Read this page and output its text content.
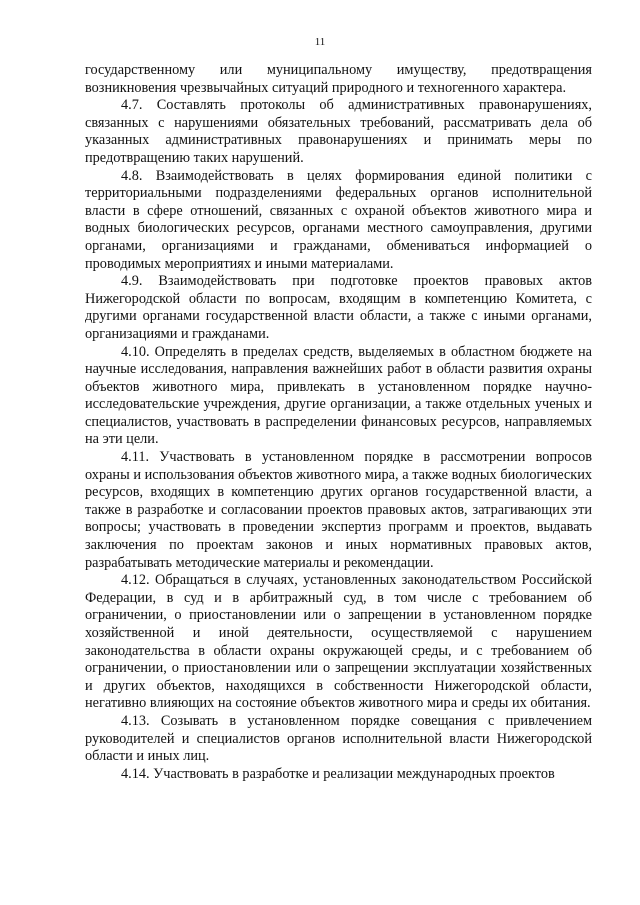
11

государственному или муниципальному имуществу, предотвращения возникновения чрезвычайных ситуаций природного и техногенного характера.

4.7. Составлять протоколы об административных правонарушениях, связанных с нарушениями обязательных требований, рассматривать дела об указанных административных правонарушениях и принимать меры по предотвращению таких нарушений.

4.8. Взаимодействовать в целях формирования единой политики с территориальными подразделениями федеральных органов исполнительной власти в сфере отношений, связанных с охраной объектов животного мира и водных биологических ресурсов, органами местного самоуправления, другими органами, организациями и гражданами, обмениваться информацией о проводимых мероприятиях и иными материалами.

4.9. Взаимодействовать при подготовке проектов правовых актов Нижегородской области по вопросам, входящим в компетенцию Комитета, с другими органами государственной власти области, а также с иными органами, организациями и гражданами.

4.10. Определять в пределах средств, выделяемых в областном бюджете на научные исследования, направления важнейших работ в области развития охраны объектов животного мира, привлекать в установленном порядке научно-исследовательские учреждения, другие организации, а также отдельных ученых и специалистов, участвовать в распределении финансовых ресурсов, направляемых на эти цели.

4.11. Участвовать в установленном порядке в рассмотрении вопросов охраны и использования объектов животного мира, а также водных биологических ресурсов, входящих в компетенцию других органов государственной власти, а также в разработке и согласовании проектов правовых актов, затрагивающих эти вопросы; участвовать в проведении экспертиз программ и проектов, выдавать заключения по проектам законов и иных нормативных правовых актов, разрабатывать методические материалы и рекомендации.

4.12. Обращаться в случаях, установленных законодательством Российской Федерации, в суд и в арбитражный суд, в том числе с требованием об ограничении, о приостановлении или о запрещении в установленном порядке хозяйственной и иной деятельности, осуществляемой с нарушением законодательства в области охраны окружающей среды, и с требованием об ограничении, о приостановлении или о запрещении эксплуатации хозяйственных и других объектов, находящихся в собственности Нижегородской области, негативно влияющих на состояние объектов животного мира и среды их обитания.

4.13. Созывать в установленном порядке совещания с привлечением руководителей и специалистов органов исполнительной власти Нижегородской области и иных лиц.

4.14. Участвовать в разработке и реализации международных проектов
